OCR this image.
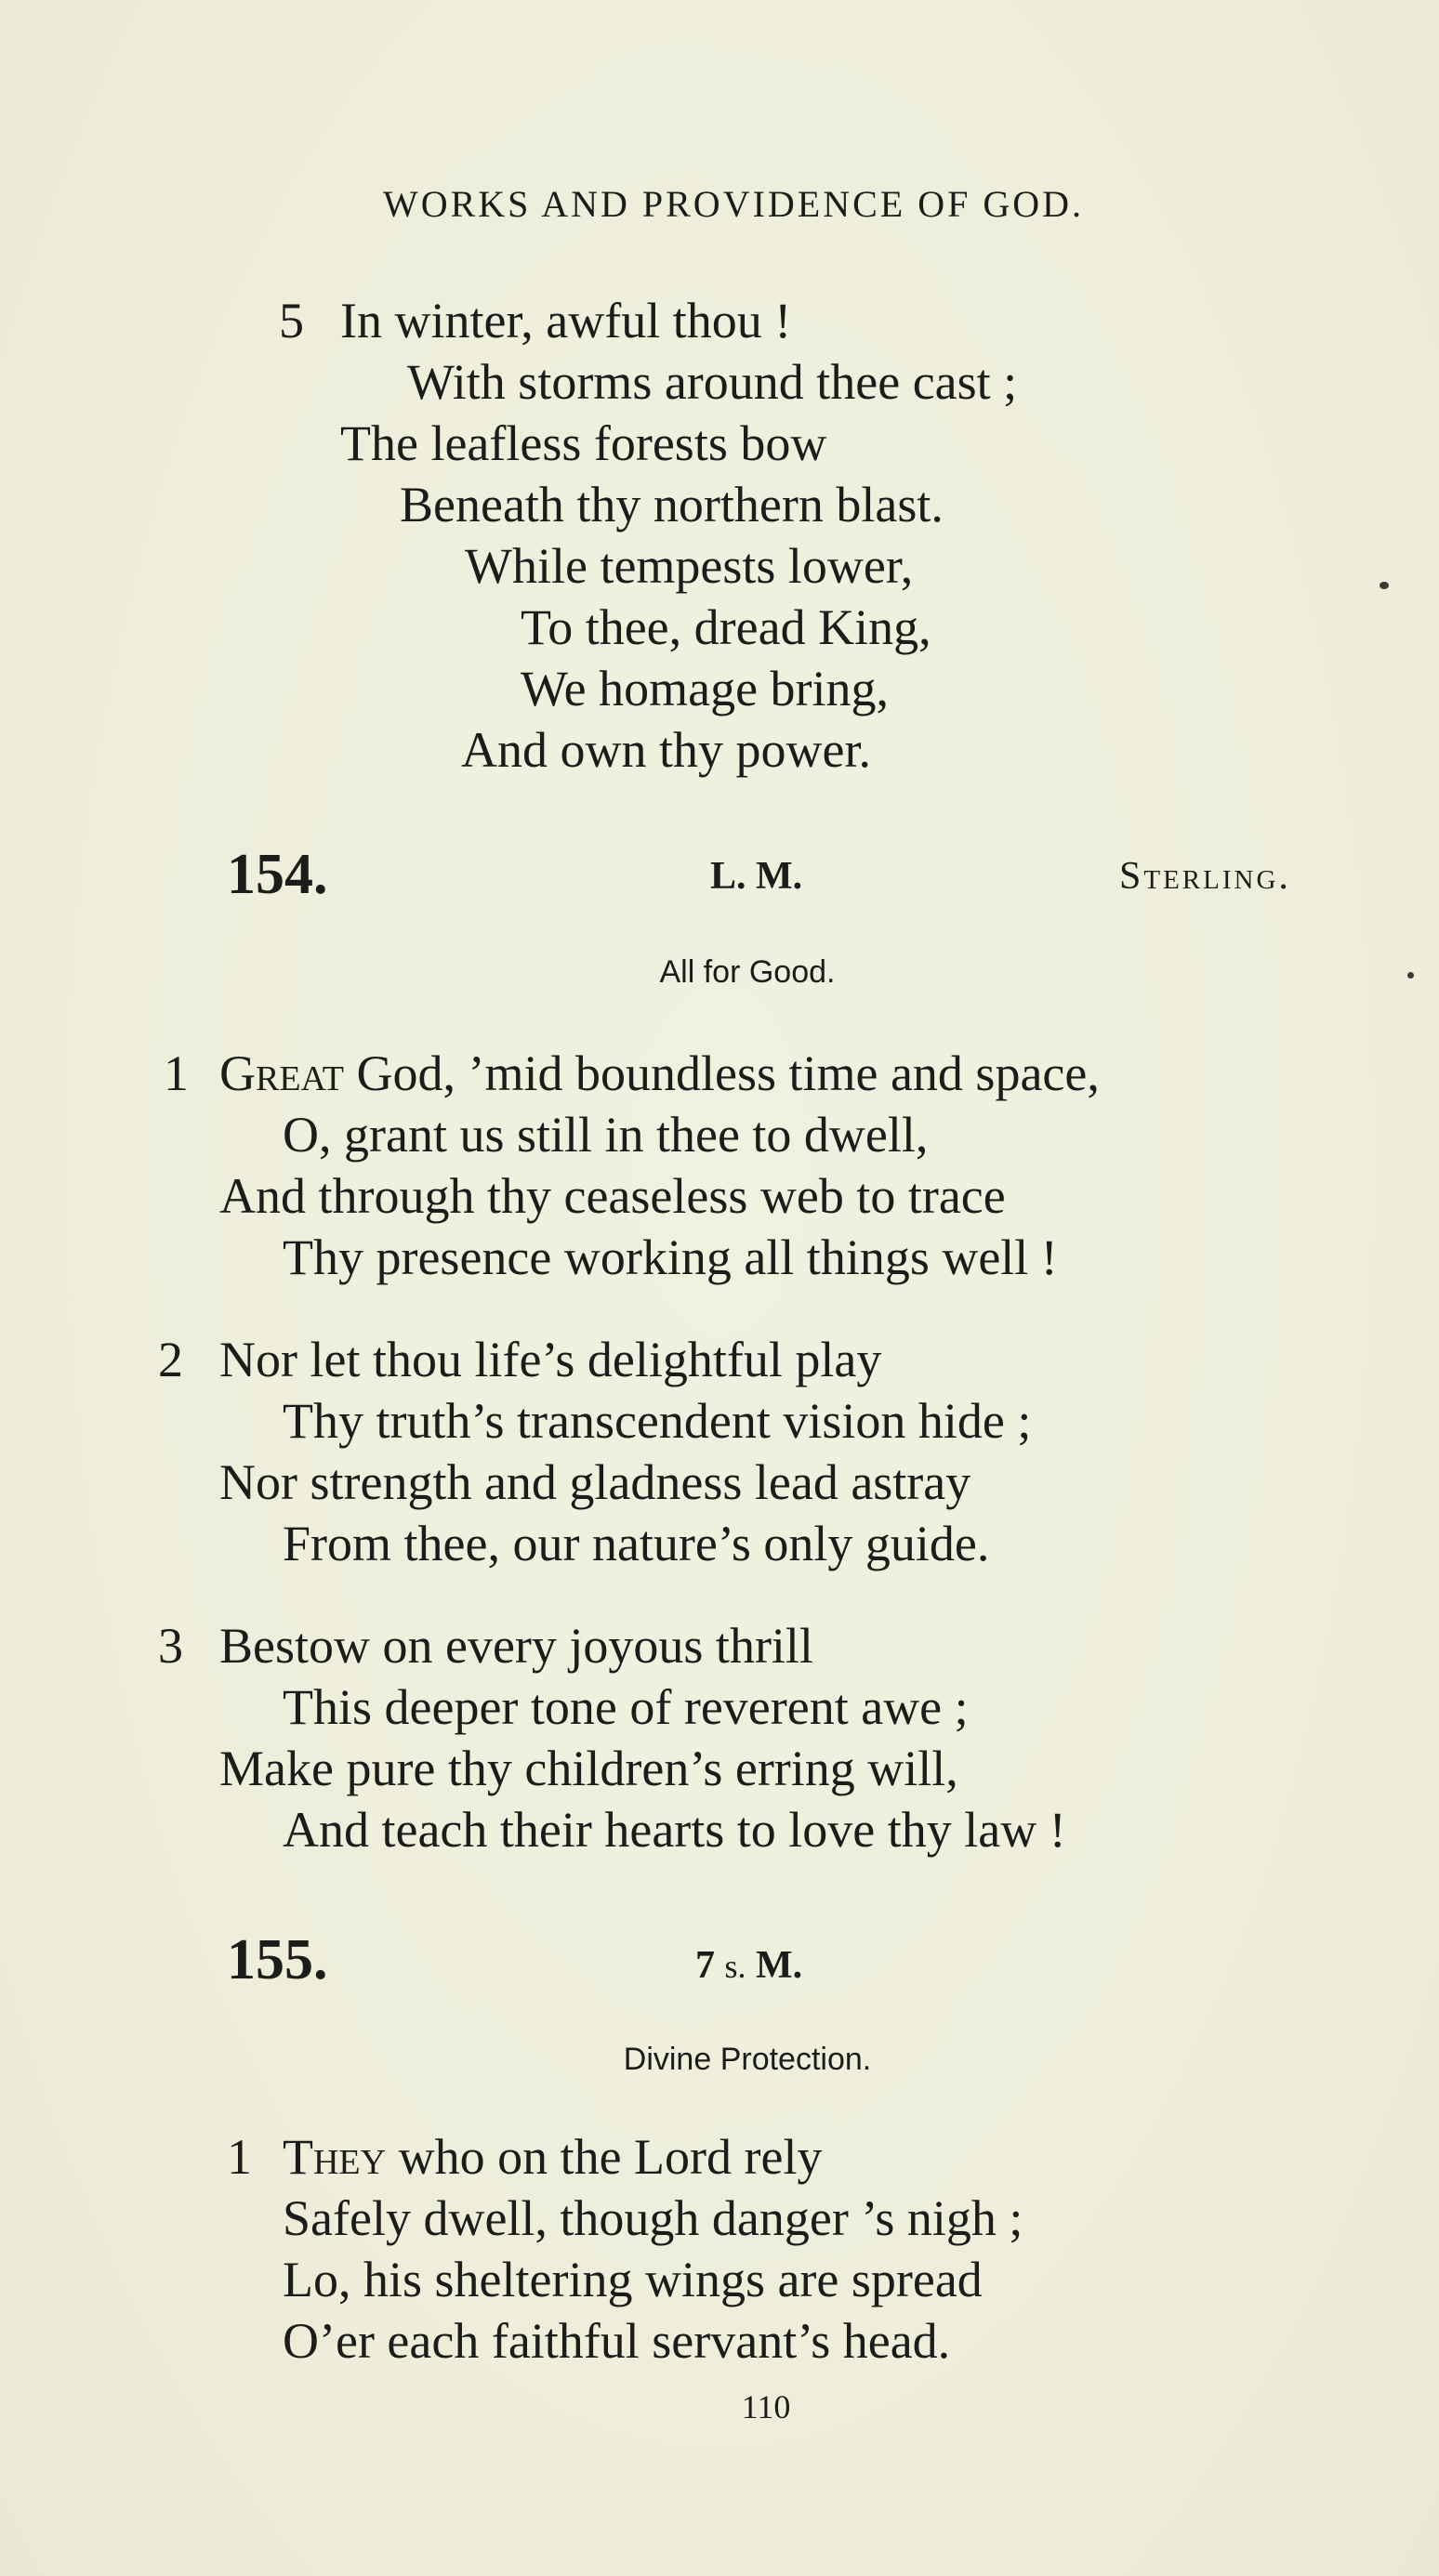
WORKS AND PROVIDENCE OF GOD.
5 In winter, awful thou !
With storms around thee cast ;
The leafless forests bow
Beneath thy northern blast.
While tempests lower,
To thee, dread King,
We homage bring,
And own thy power.
154.	L. M.	Sterling.
All for Good.
1 Great God, ’mid boundless time and space,
O, grant us still in thee to dwell,
And through thy ceaseless web to trace
Thy presence working all things well !
2 Nor let thou life’s delightful play
Thy truth’s transcendent vision hide ;
Nor strength and gladness lead astray
From thee, our nature’s only guide.
3 Bestow on every joyous thrill
This deeper tone of reverent awe ;
Make pure thy children’s erring will,
And teach their hearts to love thy law !
155.	7 s. M.
Divine Protection.
1 They who on the Lord rely
Safely dwell, though danger ’s nigh ;
Lo, his sheltering wings are spread
O’er each faithful servant’s head.
110
